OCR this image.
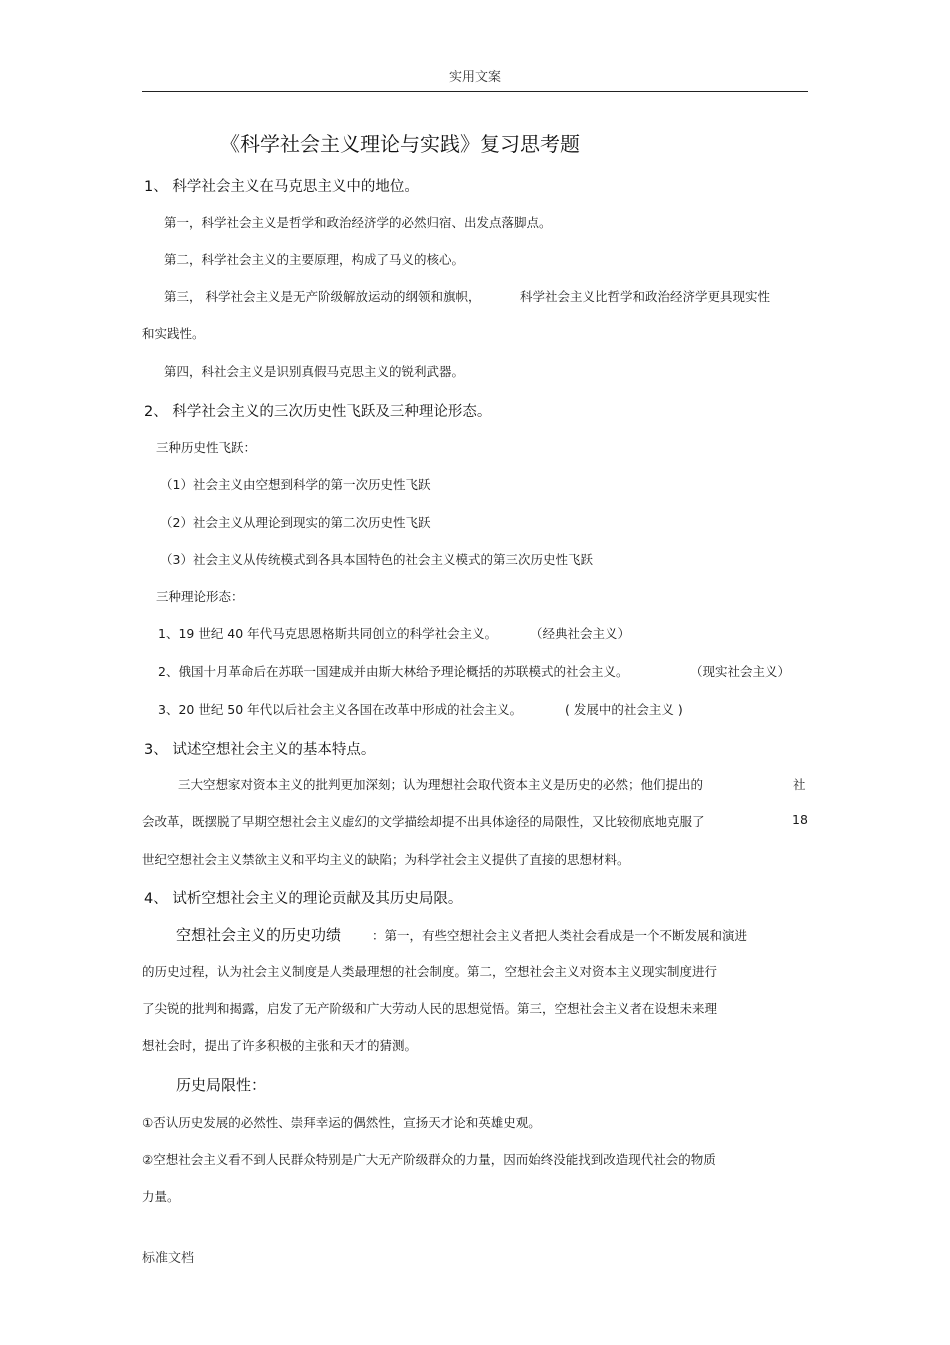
实用文案
《科学社会主义理论与实践》复习思考题
1、 科学社会主义在马克思主义中的地位。
第一，科学社会主义是哲学和政治经济学的必然归宿、出发点落脚点。
第二，科学社会主义的主要原理，构成了马义的核心。
第三， 科学社会主义是无产阶级解放运动的纲领和旗帜，	科学社会主义比哲学和政治经济学更具现实性
和实践性。
第四，科社会主义是识别真假马克思主义的锐利武器。
2、 科学社会主义的三次历史性飞跃及三种理论形态。
三种历史性飞跃：
（1）社会主义由空想到科学的第一次历史性飞跃
（2）社会主义从理论到现实的第二次历史性飞跃
（3）社会主义从传统模式到各具本国特色的社会主义模式的第三次历史性飞跃
三种理论形态：
1、19 世纪 40 年代马克思恩格斯共同创立的科学社会主义。	（经典社会主义）
2、俄国十月革命后在苏联一国建成并由斯大林给予理论概括的苏联模式的社会主义。	（现实社会主义）
3、20 世纪 50 年代以后社会主义各国在改革中形成的社会主义。	( 发展中的社会主义 )
3、 试述空想社会主义的基本特点。
三大空想家对资本主义的批判更加深刻；认为理想社会取代资本主义是历史的必然；他们提出的	社
会改革，既摆脱了早期空想社会主义虚幻的文学描绘却提不出具体途径的局限性，又比较彻底地克服了	18
世纪空想社会主义禁欲主义和平均主义的缺陷；为科学社会主义提供了直接的思想材料。
4、 试析空想社会主义的理论贡献及其历史局限。
空想社会主义的历史功绩 ：第一，有些空想社会主义者把人类社会看成是一个不断发展和演进
的历史过程，认为社会主义制度是人类最理想的社会制度。第二，空想社会主义对资本主义现实制度进行
了尖锐的批判和揭露，启发了无产阶级和广大劳动人民的思想觉悟。第三，空想社会主义者在设想未来理
想社会时，提出了许多积极的主张和天才的猜测。
历史局限性：
①否认历史发展的必然性、崇拜幸运的偶然性，宣扬天才论和英雄史观。
②空想社会主义看不到人民群众特别是广大无产阶级群众的力量，因而始终没能找到改造现代社会的物质
力量。
标准文档
